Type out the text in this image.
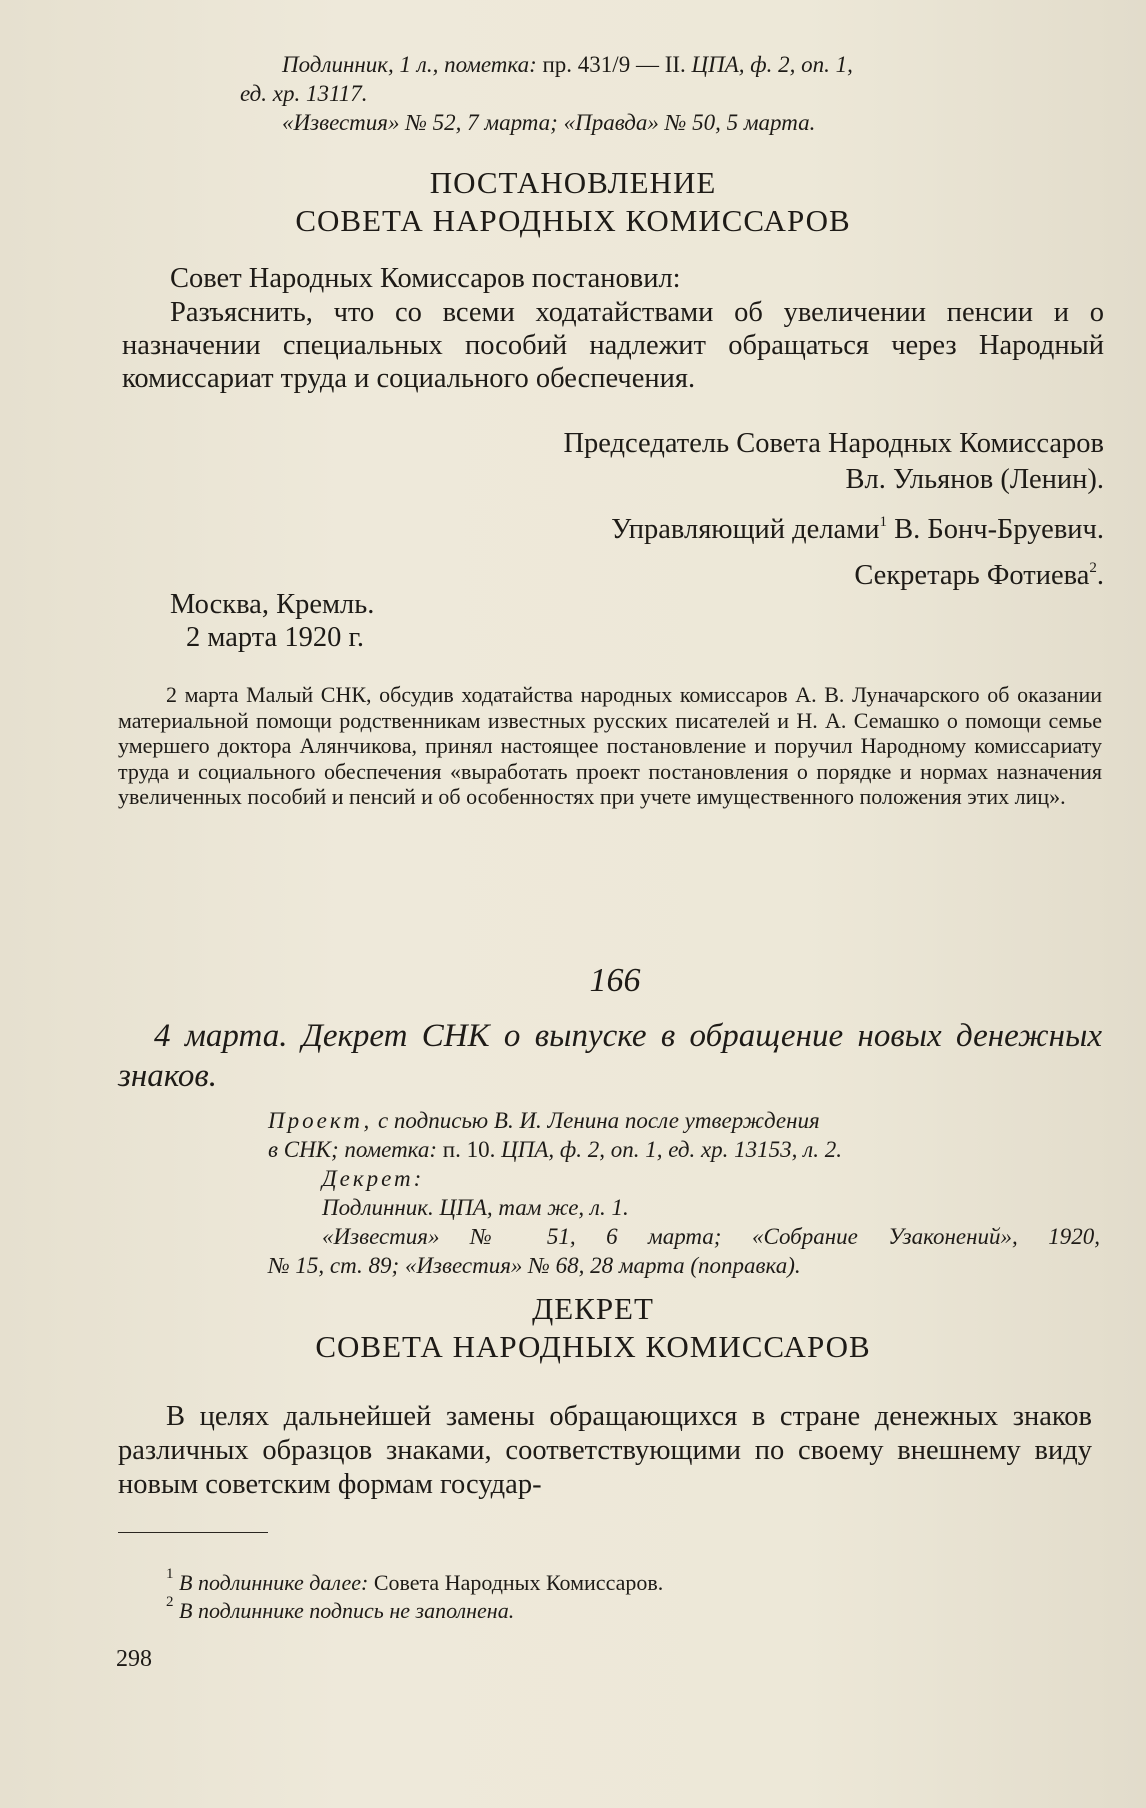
Подлинник, 1 л., пометка: пр. 431/9 — II. ЦПА, ф. 2, оп. 1,
ед. хр. 13117.
«Известия» № 52, 7 марта; «Правда» № 50, 5 марта.
ПОСТАНОВЛЕНИЕ
СОВЕТА НАРОДНЫХ КОМИССАРОВ
Совет Народных Комиссаров постановил:
Разъяснить, что со всеми ходатайствами об увеличении пенсии и о назначении специальных пособий надлежит обращаться через Народный комиссариат труда и социального обеспечения.
Председатель Совета Народных Комиссаров
Вл. Ульянов (Ленин).
Управляющий делами$^1$ В. Бонч-Бруевич.
Секретарь Фотиева$^2$.
Москва, Кремль.
2 марта 1920 г.
2 марта Малый СНК, обсудив ходатайства народных комиссаров А. В. Луначарского об оказании материальной помощи родственникам известных русских писателей и Н. А. Семашко о помощи семье умершего доктора Алянчикова, принял настоящее постановление и поручил Народному комиссариату труда и социального обеспечения «выработать проект постановления о порядке и нормах назначения увеличенных пособий и пенсий и об особенностях при учете имущественного положения этих лиц».
166
4 марта. Декрет СНК о выпуске в обращение новых денежных знаков.
Проект, с подписью В. И. Ленина после утверждения
в СНК; пометка: п. 10. ЦПА, ф. 2, оп. 1, ед. хр. 13153, л. 2.
Декрет:
Подлинник. ЦПА, там же, л. 1.
«Известия» № 51, 6 марта; «Собрание Узаконений», 1920,
№ 15, ст. 89; «Известия» № 68, 28 марта (поправка).
ДЕКРЕТ
СОВЕТА НАРОДНЫХ КОМИССАРОВ
В целях дальнейшей замены обращающихся в стране денежных знаков различных образцов знаками, соответствующими по своему внешнему виду новым советским формам государ-
$^1$ В подлиннике далее: Совета Народных Комиссаров.
$^2$ В подлиннике подпись не заполнена.
298
